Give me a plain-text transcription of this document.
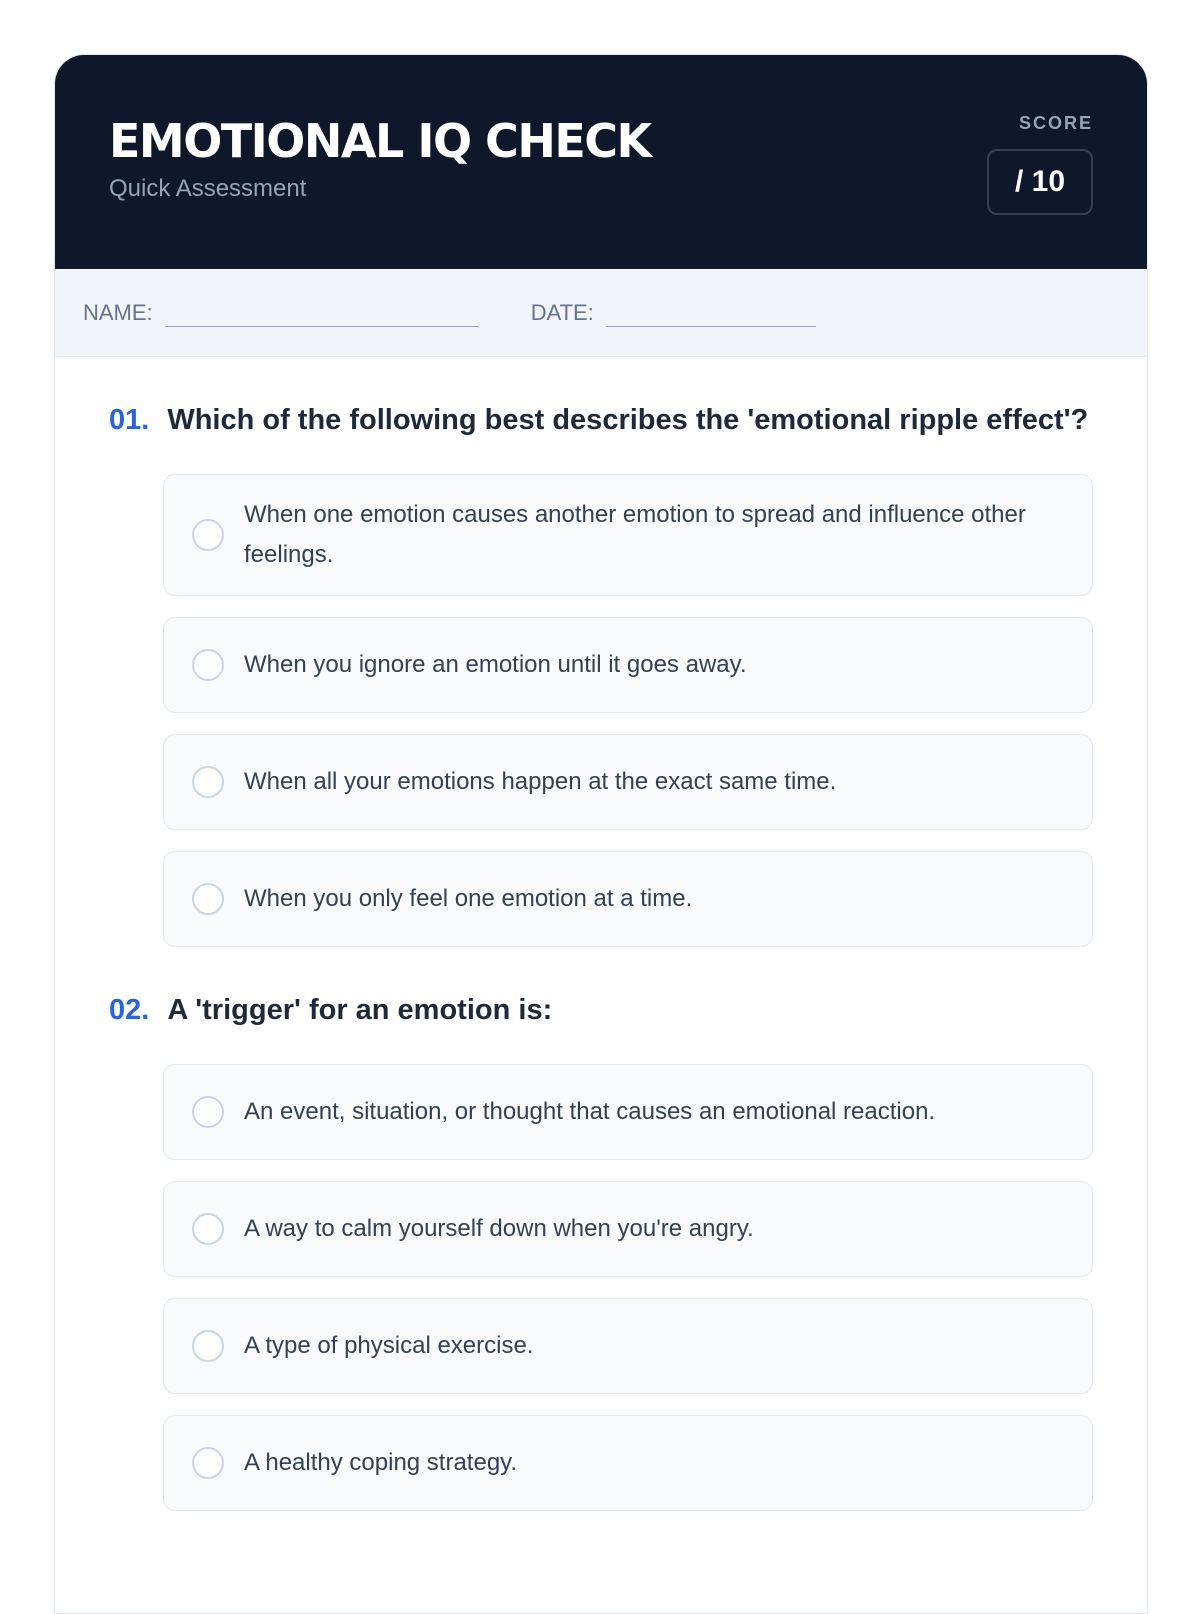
EMOTIONAL IQ CHECK
Quick Assessment
SCORE
/ 10
NAME:	DATE:
01. Which of the following best describes the 'emotional ripple effect'?
When one emotion causes another emotion to spread and influence other feelings.
When you ignore an emotion until it goes away.
When all your emotions happen at the exact same time.
When you only feel one emotion at a time.
02. A 'trigger' for an emotion is:
An event, situation, or thought that causes an emotional reaction.
A way to calm yourself down when you're angry.
A type of physical exercise.
A healthy coping strategy.
